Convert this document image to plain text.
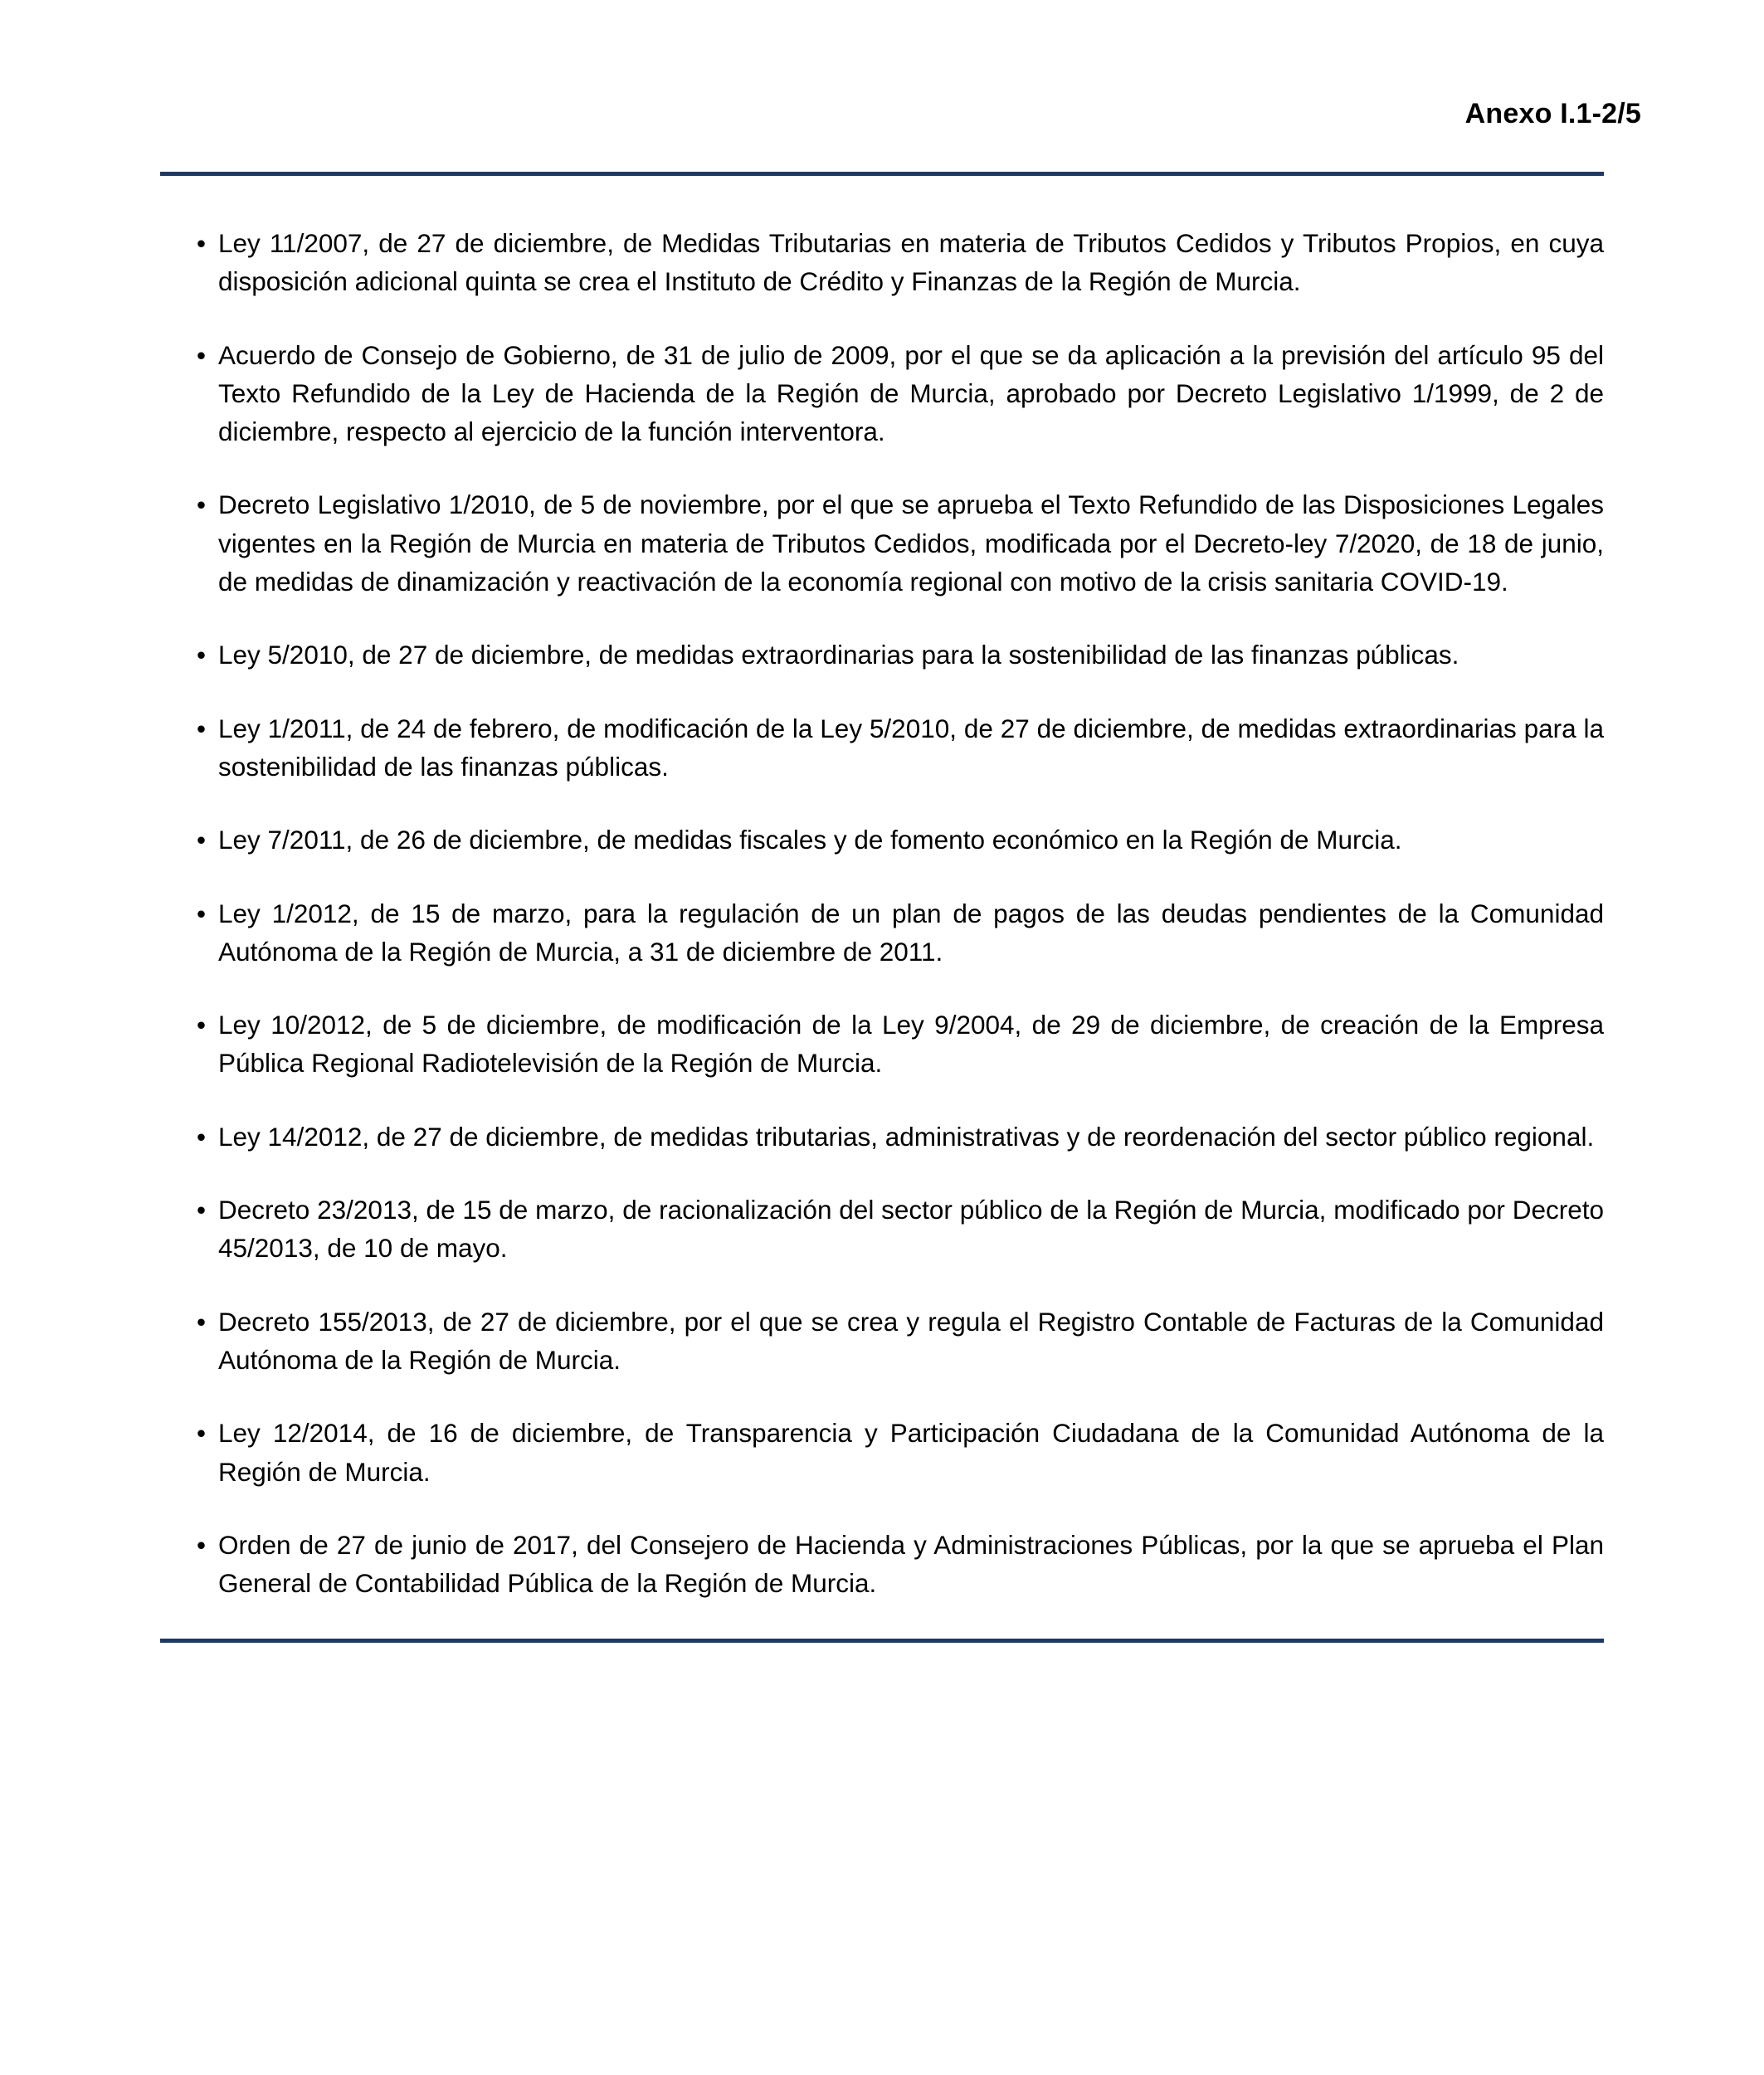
Anexo I.1-2/5
• Ley 11/2007, de 27 de diciembre, de Medidas Tributarias en materia de Tributos Cedidos y Tributos Propios, en cuya disposición adicional quinta se crea el Instituto de Crédito y Finanzas de la Región de Murcia.
• Acuerdo de Consejo de Gobierno, de 31 de julio de 2009, por el que se da aplicación a la previsión del artículo 95 del Texto Refundido de la Ley de Hacienda de la Región de Murcia, aprobado por Decreto Legislativo 1/1999, de 2 de diciembre, respecto al ejercicio de la función interventora.
• Decreto Legislativo 1/2010, de 5 de noviembre, por el que se aprueba el Texto Refundido de las Disposiciones Legales vigentes en la Región de Murcia en materia de Tributos Cedidos, modificada por el Decreto-ley 7/2020, de 18 de junio, de medidas de dinamización y reactivación de la economía regional con motivo de la crisis sanitaria COVID-19.
• Ley 5/2010, de 27 de diciembre, de medidas extraordinarias para la sostenibilidad de las finanzas públicas.
• Ley 1/2011, de 24 de febrero, de modificación de la Ley 5/2010, de 27 de diciembre, de medidas extraordinarias para la sostenibilidad de las finanzas públicas.
• Ley 7/2011, de 26 de diciembre, de medidas fiscales y de fomento económico en la Región de Murcia.
• Ley 1/2012, de 15 de marzo, para la regulación de un plan de pagos de las deudas pendientes de la Comunidad Autónoma de la Región de Murcia, a 31 de diciembre de 2011.
• Ley 10/2012, de 5 de diciembre, de modificación de la Ley 9/2004, de 29 de diciembre, de creación de la Empresa Pública Regional Radiotelevisión de la Región de Murcia.
• Ley 14/2012, de 27 de diciembre, de medidas tributarias, administrativas y de reordenación del sector público regional.
• Decreto 23/2013, de 15 de marzo, de racionalización del sector público de la Región de Murcia, modificado por Decreto 45/2013, de 10 de mayo.
• Decreto 155/2013, de 27 de diciembre, por el que se crea y regula el Registro Contable de Facturas de la Comunidad Autónoma de la Región de Murcia.
• Ley 12/2014, de 16 de diciembre, de Transparencia y Participación Ciudadana de la Comunidad Autónoma de la Región de Murcia.
• Orden de 27 de junio de 2017, del Consejero de Hacienda y Administraciones Públicas, por la que se aprueba el Plan General de Contabilidad Pública de la Región de Murcia.
